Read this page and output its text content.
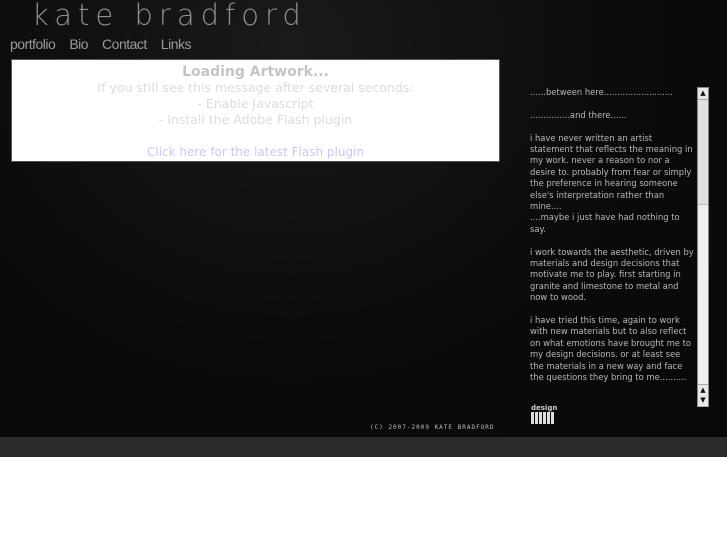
kate bradford
portfolio Bio Contact Links
Loading Artwork...
If you still see this message after several seconds:
- Enable Javascript
- Install the Adobe Flash plugin
Click here for the latest Flash plugin

......between here..........................

...............and there......

i have never written an artist statement that reflects the meaning in my work. never a reason to nor a desire to. probably from fear or simply the preference in hearing someone else's interpretation rather than mine....
....maybe i just have had nothing to say.

i work towards the aesthetic, driven by materials and design decisions that motivate me to play. first starting in granite and limestone to metal and now to wood.

i have tried this time, again to work with new materials but to also reflect on what emotions have brought me to my design decisions. or at least see the materials in a new way and face the questions they bring to me..........

▲
▲
▼
design
(C) 2007-2009 KATE BRADFORD
